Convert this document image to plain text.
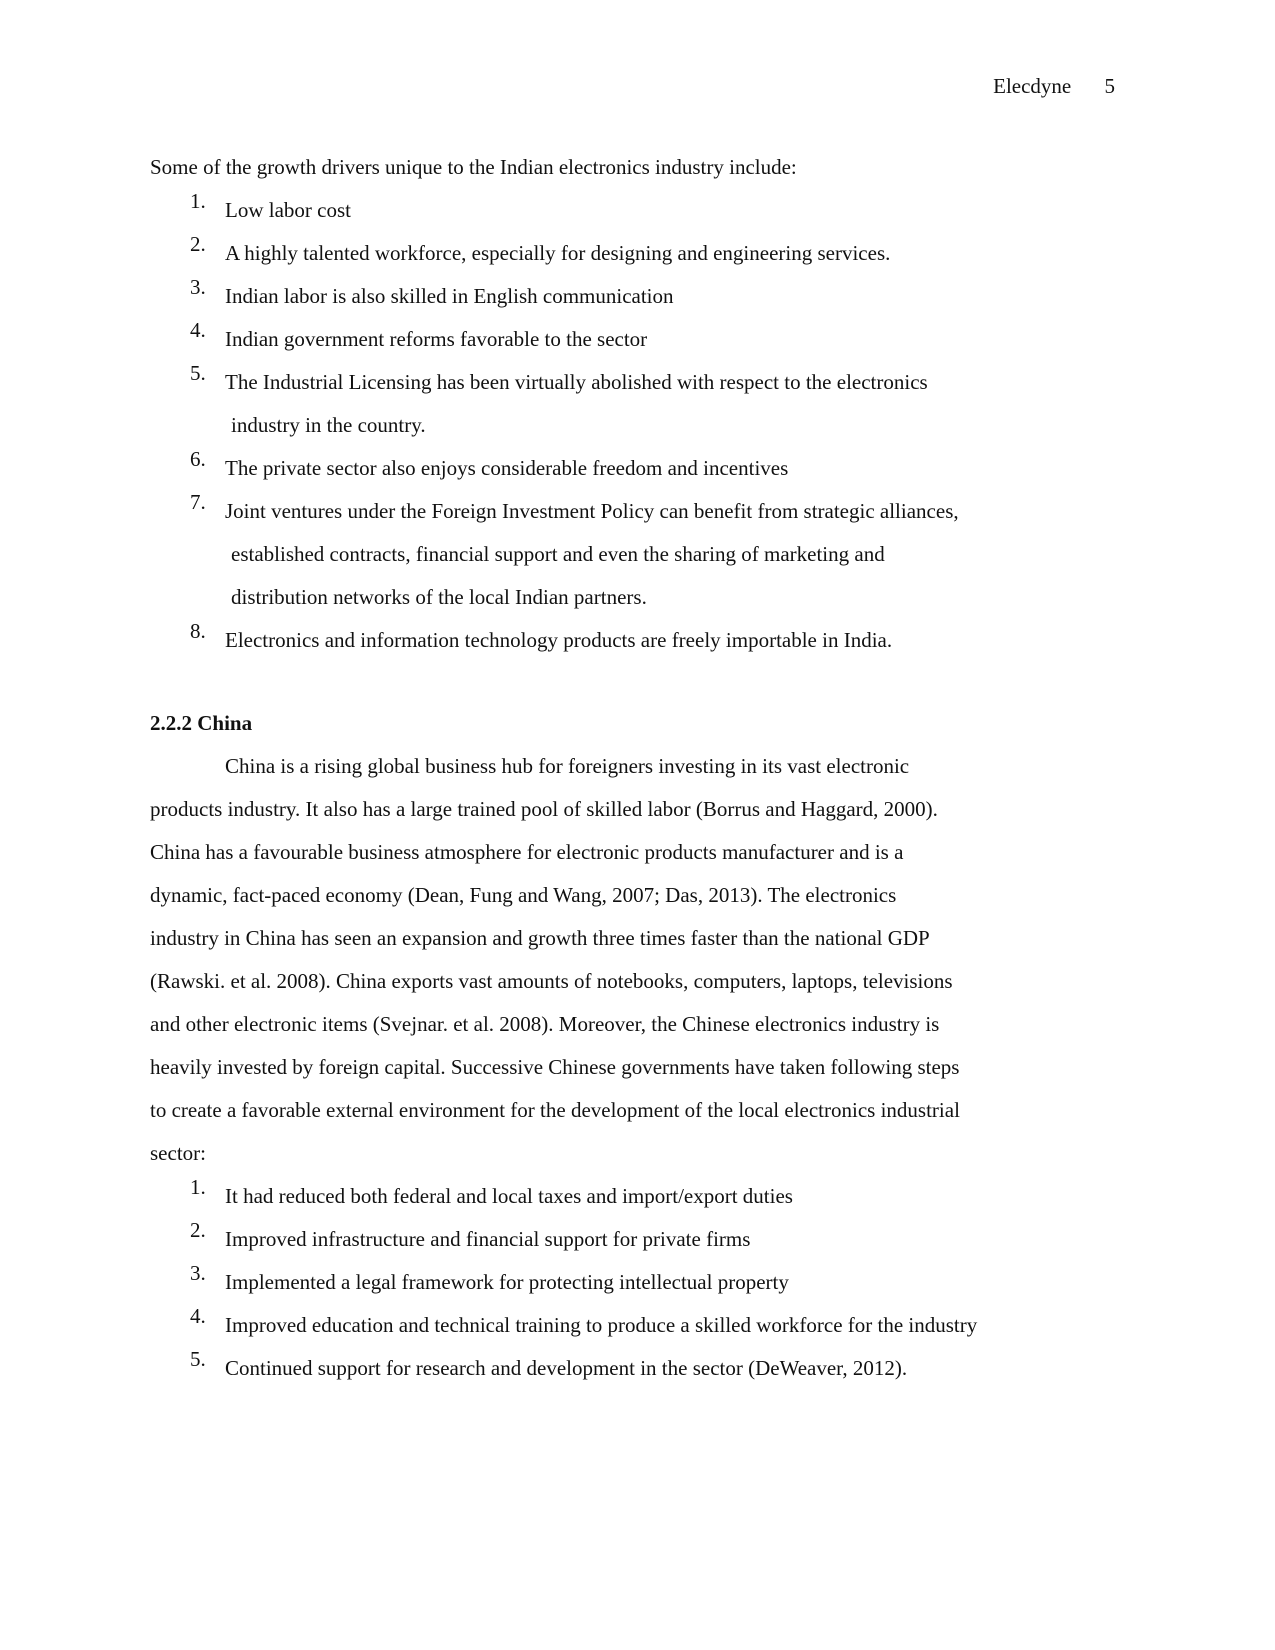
Elecdyne 5
Some of the growth drivers unique to the Indian electronics industry include:
1. Low labor cost
2. A highly talented workforce, especially for designing and engineering services.
3. Indian labor is also skilled in English communication
4. Indian government reforms favorable to the sector
5. The Industrial Licensing has been virtually abolished with respect to the electronics
industry in the country.
6. The private sector also enjoys considerable freedom and incentives
7. Joint ventures under the Foreign Investment Policy can benefit from strategic alliances,
established contracts, financial support and even the sharing of marketing and
distribution networks of the local Indian partners.
8. Electronics and information technology products are freely importable in India.
2.2.2 China
China is a rising global business hub for foreigners investing in its vast electronic
products industry. It also has a large trained pool of skilled labor (Borrus and Haggard, 2000).
China has a favourable business atmosphere for electronic products manufacturer and is a
dynamic, fact-paced economy (Dean, Fung and Wang, 2007; Das, 2013). The electronics
industry in China has seen an expansion and growth three times faster than the national GDP
(Rawski. et al. 2008). China exports vast amounts of notebooks, computers, laptops, televisions
and other electronic items (Svejnar. et al. 2008). Moreover, the Chinese electronics industry is
heavily invested by foreign capital. Successive Chinese governments have taken following steps
to create a favorable external environment for the development of the local electronics industrial
sector:
1. It had reduced both federal and local taxes and import/export duties
2. Improved infrastructure and financial support for private firms
3. Implemented a legal framework for protecting intellectual property
4. Improved education and technical training to produce a skilled workforce for the industry
5. Continued support for research and development in the sector (DeWeaver, 2012).
